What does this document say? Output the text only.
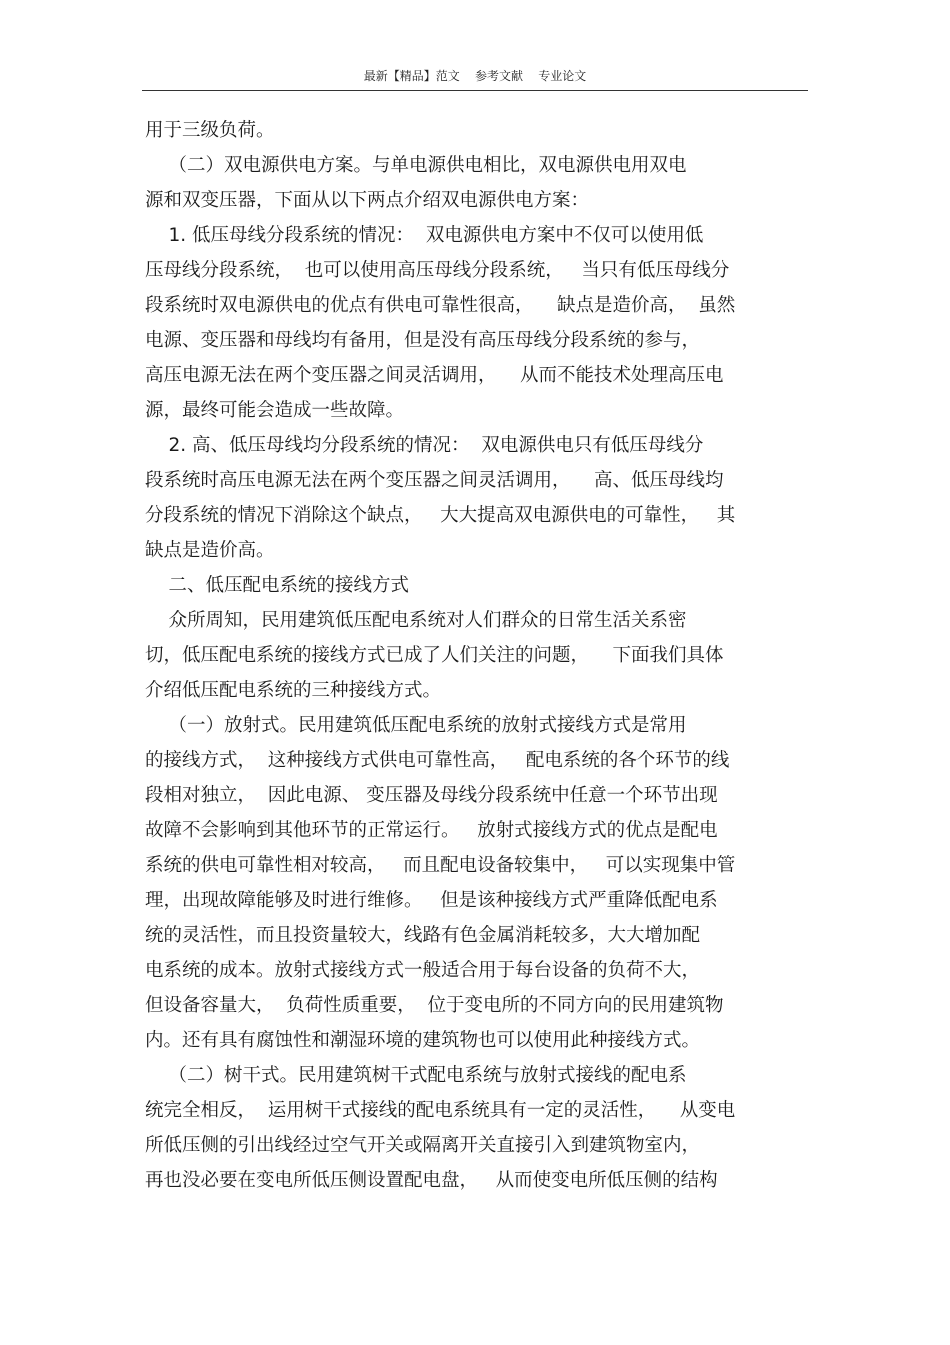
最新【精品】范文    参考文献    专业论文
用于三级负荷。
（二）双电源供电方案。与单电源供电相比，双电源供电用双电
源和双变压器，下面从以下两点介绍双电源供电方案：
1. 低压母线分段系统的情况：  双电源供电方案中不仅可以使用低
压母线分段系统，  也可以使用高压母线分段系统，   当只有低压母线分
段系统时双电源供电的优点有供电可靠性很高，    缺点是造价高，  虽然
电源、变压器和母线均有备用，但是没有高压母线分段系统的参与，
高压电源无法在两个变压器之间灵活调用，    从而不能技术处理高压电
源，最终可能会造成一些故障。
2. 高、低压母线均分段系统的情况：  双电源供电只有低压母线分
段系统时高压电源无法在两个变压器之间灵活调用，    高、低压母线均
分段系统的情况下消除这个缺点，   大大提高双电源供电的可靠性，   其
缺点是造价高。
二、低压配电系统的接线方式
众所周知，民用建筑低压配电系统对人们群众的日常生活关系密
切，低压配电系统的接线方式已成了人们关注的问题，    下面我们具体
介绍低压配电系统的三种接线方式。
（一）放射式。民用建筑低压配电系统的放射式接线方式是常用
的接线方式，  这种接线方式供电可靠性高，   配电系统的各个环节的线
段相对独立，  因此电源、 变压器及母线分段系统中任意一个环节出现
故障不会影响到其他环节的正常运行。   放射式接线方式的优点是配电
系统的供电可靠性相对较高，   而且配电设备较集中，   可以实现集中管
理，出现故障能够及时进行维修。   但是该种接线方式严重降低配电系
统的灵活性，而且投资量较大，线路有色金属消耗较多，大大增加配
电系统的成本。放射式接线方式一般适合用于每台设备的负荷不大，
但设备容量大，  负荷性质重要，  位于变电所的不同方向的民用建筑物
内。还有具有腐蚀性和潮湿环境的建筑物也可以使用此种接线方式。
（二）树干式。民用建筑树干式配电系统与放射式接线的配电系
统完全相反，  运用树干式接线的配电系统具有一定的灵活性，    从变电
所低压侧的引出线经过空气开关或隔离开关直接引入到建筑物室内，
再也没必要在变电所低压侧设置配电盘，   从而使变电所低压侧的结构
